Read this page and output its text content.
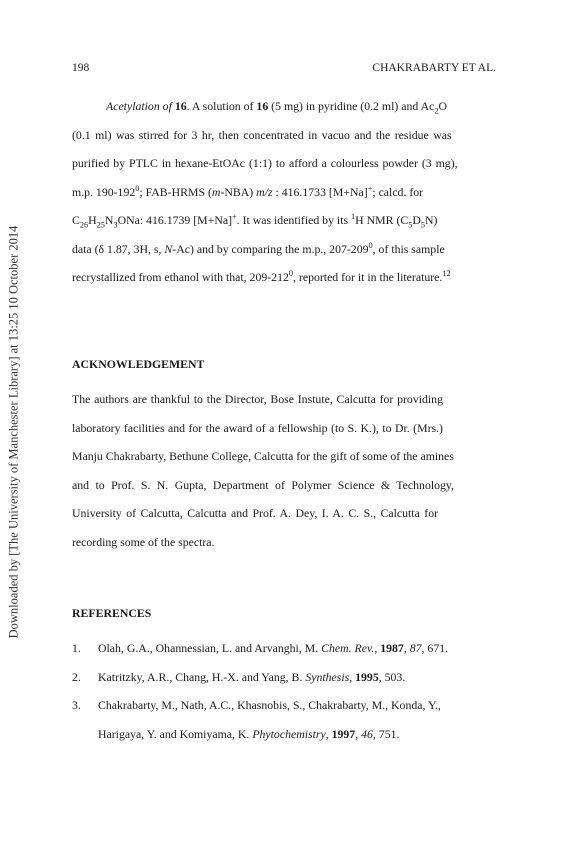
Downloaded by [The University of Manchester Library] at 13:25 10 October 2014
198	CHAKRABARTY ET AL.
Acetylation of 16. A solution of 16 (5 mg) in pyridine (0.2 ml) and $Ac_2O$
(0.1 ml) was stirred for 3 hr, then concentrated in vacuo and the residue was
purified by PTLC in hexane-EtOAc (1:1) to afford a colourless powder (3 mg),
m.p. $190-192^0$; FAB-HRMS (m-NBA) m/z : 416.1733 [M+Na]+; calcd. for
$C_{26}H_{25}N_3ONa$: 416.1739 [M+Na]+. It was identified by its $^1$H NMR $(C_5D_5N)$
data (δ 1.87, 3H, s, N-Ac) and by comparing the m.p., $207-209^0$, of this sample
recrystallized from ethanol with that, $209-212^0$, reported for it in the literature.$^{12}$
ACKNOWLEDGEMENT
The authors are thankful to the Director, Bose Instute, Calcutta for providing
laboratory facilities and for the award of a fellowship (to S. K.), to Dr. (Mrs.)
Manju Chakrabarty, Bethune College, Calcutta for the gift of some of the amines
and to Prof. S. N. Gupta, Department of Polymer Science & Technology,
University of Calcutta, Calcutta and Prof. A. Dey, I. A. C. S., Calcutta for
recording some of the spectra.
REFERENCES
1.	Olah, G.A., Ohannessian, L. and Arvanghi, M. Chem. Rev., 1987, 87, 671.
2.	Katritzky, A.R., Chang, H.-X. and Yang, B. Synthesis, 1995, 503.
3.	Chakrabarty, M., Nath, A.C., Khasnobis, S., Chakrabarty, M., Konda, Y.,
Harigaya, Y. and Komiyama, K. Phytochemistry, 1997, 46, 751.
